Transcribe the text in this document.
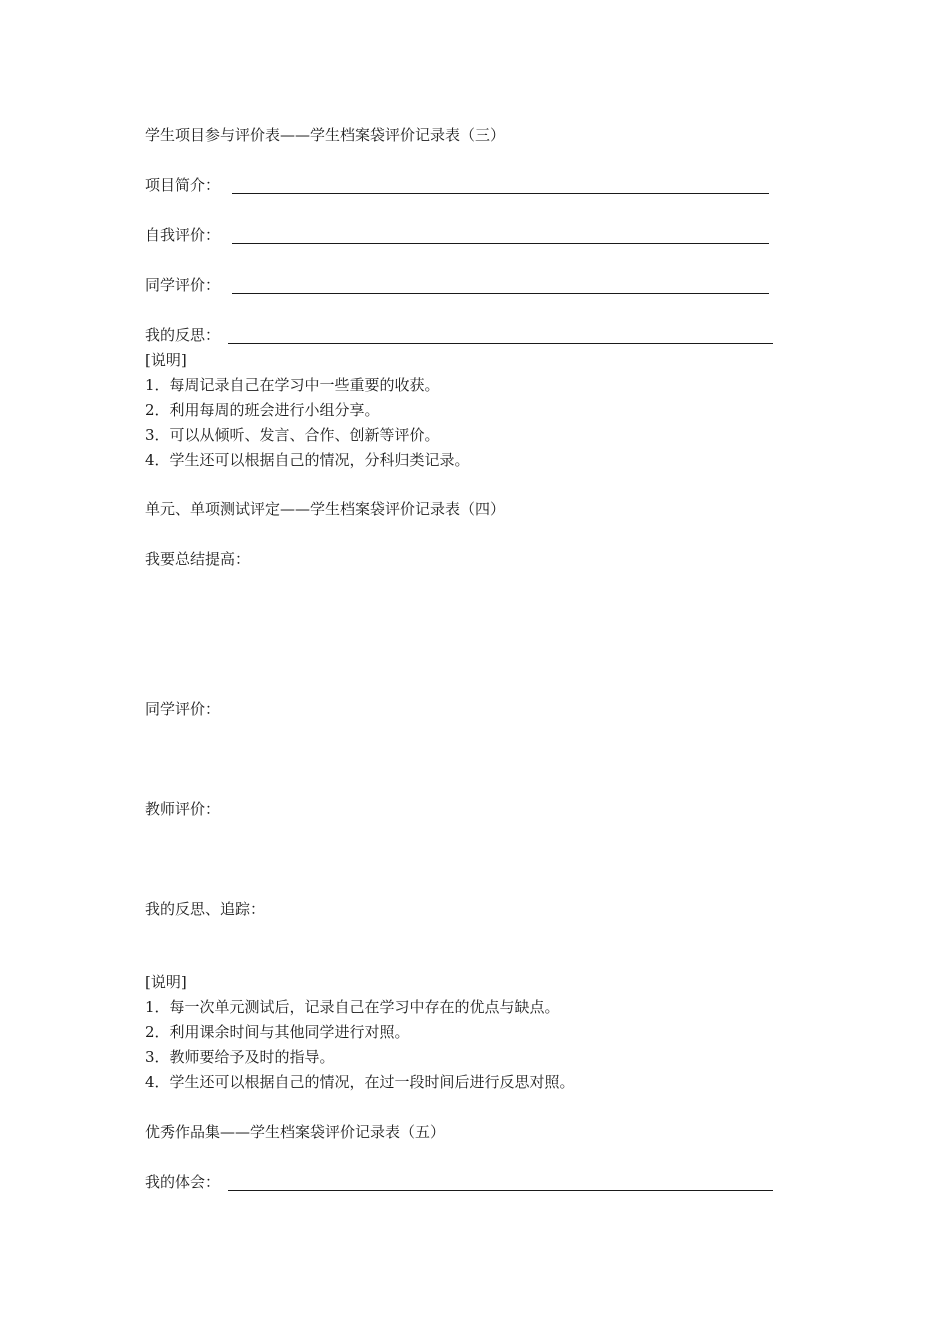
学生项目参与评价表——学生档案袋评价记录表（三）
项目简介：
自我评价：
同学评价：
我的反思：
[说明]
1．每周记录自己在学习中一些重要的收获。
2．利用每周的班会进行小组分享。
3．可以从倾听、发言、合作、创新等评价。
4．学生还可以根据自己的情况，分科归类记录。
单元、单项测试评定——学生档案袋评价记录表（四）
我要总结提高：
同学评价：
教师评价：
我的反思、追踪：
[说明]
1．每一次单元测试后，记录自己在学习中存在的优点与缺点。
2．利用课余时间与其他同学进行对照。
3．教师要给予及时的指导。
4．学生还可以根据自己的情况，在过一段时间后进行反思对照。
优秀作品集——学生档案袋评价记录表（五）
我的体会：
